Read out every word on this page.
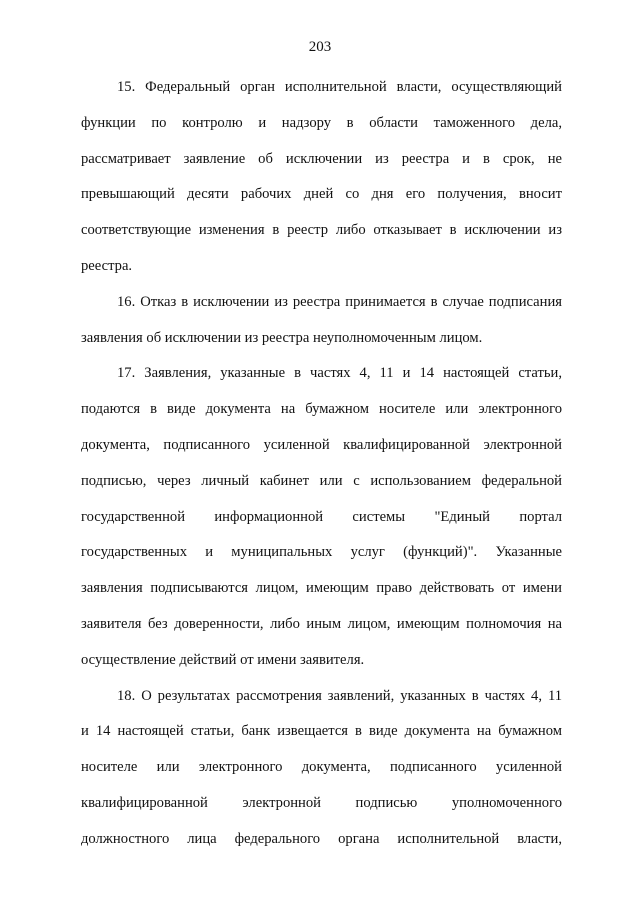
203

15. Федеральный орган исполнительной власти, осуществляющий
функции по контролю и надзору в области таможенного дела,
рассматривает заявление об исключении из реестра и в срок, не
превышающий десяти рабочих дней со дня его получения, вносит
соответствующие изменения в реестр либо отказывает в исключении из
реестра.

16. Отказ в исключении из реестра принимается в случае подписания
заявления об исключении из реестра неуполномоченным лицом.

17. Заявления, указанные в частях 4, 11 и 14 настоящей статьи,
подаются в виде документа на бумажном носителе или электронного
документа, подписанного усиленной квалифицированной электронной
подписью, через личный кабинет или с использованием федеральной
государственной информационной системы "Единый портал
государственных и муниципальных услуг (функций)". Указанные
заявления подписываются лицом, имеющим право действовать от имени
заявителя без доверенности, либо иным лицом, имеющим полномочия на
осуществление действий от имени заявителя.

18. О результатах рассмотрения заявлений, указанных в частях 4, 11
и 14 настоящей статьи, банк извещается в виде документа на бумажном
носителе или электронного документа, подписанного усиленной
квалифицированной электронной подписью уполномоченного
должностного лица федерального органа исполнительной власти,
